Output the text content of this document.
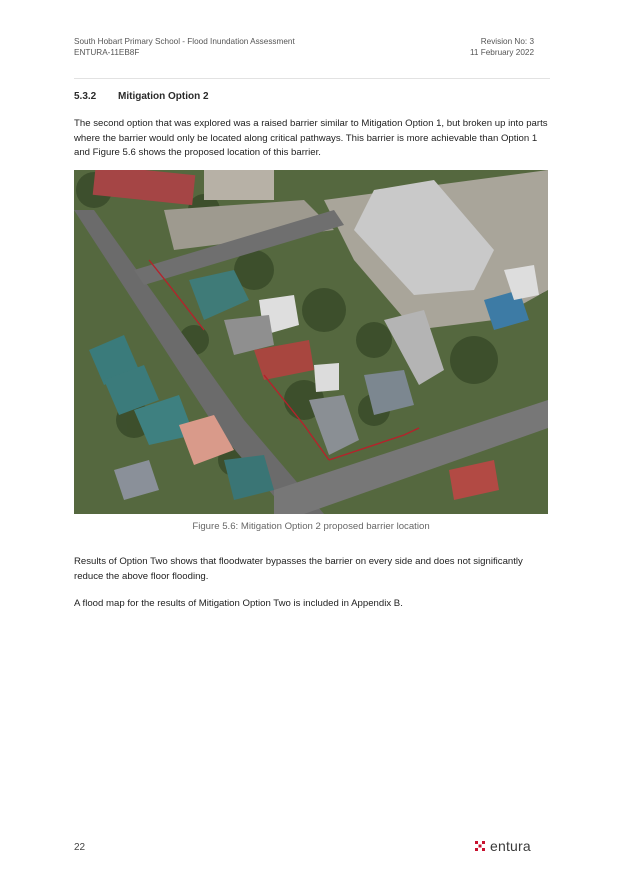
South Hobart Primary School - Flood Inundation Assessment
ENTURA-11EB8F
Revision No: 3
11 February 2022
5.3.2 Mitigation Option 2
The second option that was explored was a raised barrier similar to Mitigation Option 1, but broken up into parts where the barrier would only be located along critical pathways. This barrier is more achievable than Option 1 and Figure 5.6 shows the proposed location of this barrier.
Figure 5.6: Mitigation Option 2 proposed barrier location
Results of Option Two shows that floodwater bypasses the barrier on every side and does not significantly reduce the above floor flooding.
A flood map for the results of Mitigation Option Two is included in Appendix B.
22	entura
